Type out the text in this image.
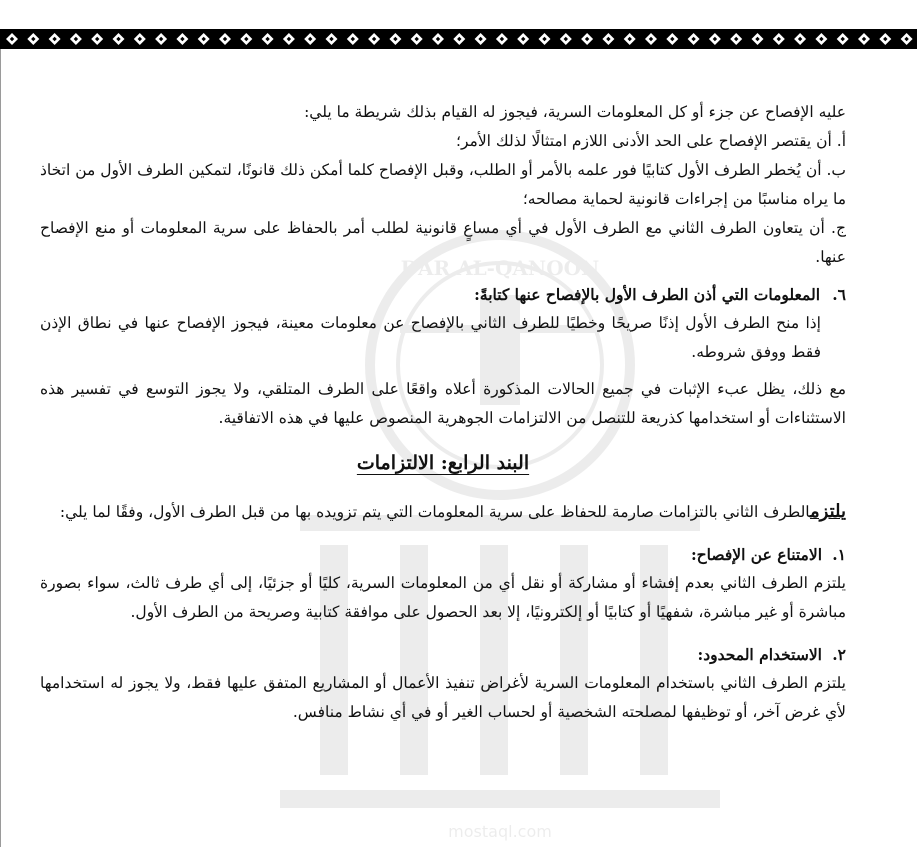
DAR AL-QANOON
mostaql.com

عليه الإفصاح عن جزء أو كل المعلومات السرية، فيجوز له القيام بذلك شريطة ما يلي:

أ. أن يقتصر الإفصاح على الحد الأدنى اللازم امتثالًا لذلك الأمر؛

ب. أن يُخطر الطرف الأول كتابيًا فور علمه بالأمر أو الطلب، وقبل الإفصاح كلما أمكن ذلك قانونًا، لتمكين الطرف الأول من اتخاذ ما يراه مناسبًا من إجراءات قانونية لحماية مصالحه؛

ج. أن يتعاون الطرف الثاني مع الطرف الأول في أي مساعٍ قانونية لطلب أمر بالحفاظ على سرية المعلومات أو منع الإفصاح عنها.

٦.المعلومات التي أذن الطرف الأول بالإفصاح عنها كتابةً:

إذا منح الطرف الأول إذنًا صريحًا وخطيًا للطرف الثاني بالإفصاح عن معلومات معينة، فيجوز الإفصاح عنها في نطاق الإذن فقط ووفق شروطه.

مع ذلك، يظل عبء الإثبات في جميع الحالات المذكورة أعلاه واقعًا على الطرف المتلقي، ولا يجوز التوسع في تفسير هذه الاستثناءات أو استخدامها كذريعة للتنصل من الالتزامات الجوهرية المنصوص عليها في هذه الاتفاقية.

البند الرابع: الالتزامات

يلتزمالطرف الثاني بالتزامات صارمة للحفاظ على سرية المعلومات التي يتم تزويده بها من قبل الطرف الأول، وفقًا لما يلي:

١.الامتناع عن الإفصاح:

يلتزم الطرف الثاني بعدم إفشاء أو مشاركة أو نقل أي من المعلومات السرية، كليًا أو جزئيًا، إلى أي طرف ثالث، سواء بصورة مباشرة أو غير مباشرة، شفهيًا أو كتابيًا أو إلكترونيًا، إلا بعد الحصول على موافقة كتابية وصريحة من الطرف الأول.

٢.الاستخدام المحدود:

يلتزم الطرف الثاني باستخدام المعلومات السرية لأغراض تنفيذ الأعمال أو المشاريع المتفق عليها فقط، ولا يجوز له استخدامها لأي غرض آخر، أو توظيفها لمصلحته الشخصية أو لحساب الغير أو في أي نشاط منافس.
